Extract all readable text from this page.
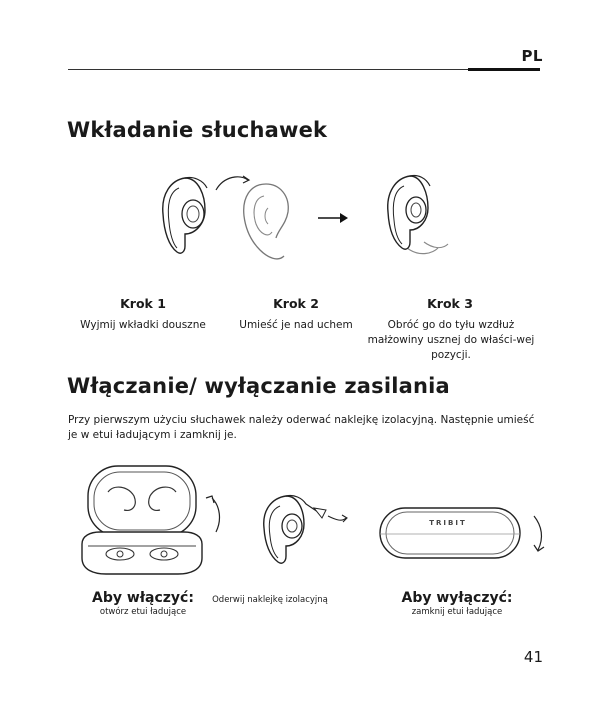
PL
Wkładanie słuchawek
Krok 1
Wyjmij wkładki douszne
Krok 2
Umieść je nad uchem
Krok 3
Obróć go do tyłu wzdłuż małżowiny usznej do właści-wej pozycji.
Włączanie/ wyłączanie zasilania
Przy pierwszym użyciu słuchawek należy oderwać naklejkę izolacyjną. Następnie umieść je w etui ładującym i zamknij je.
TRIBIT
Aby włączyć:
otwórz etui ładujące
Oderwij naklejkę izolacyjną	Aby wyłączyć:
zamknij etui ładujące
41
